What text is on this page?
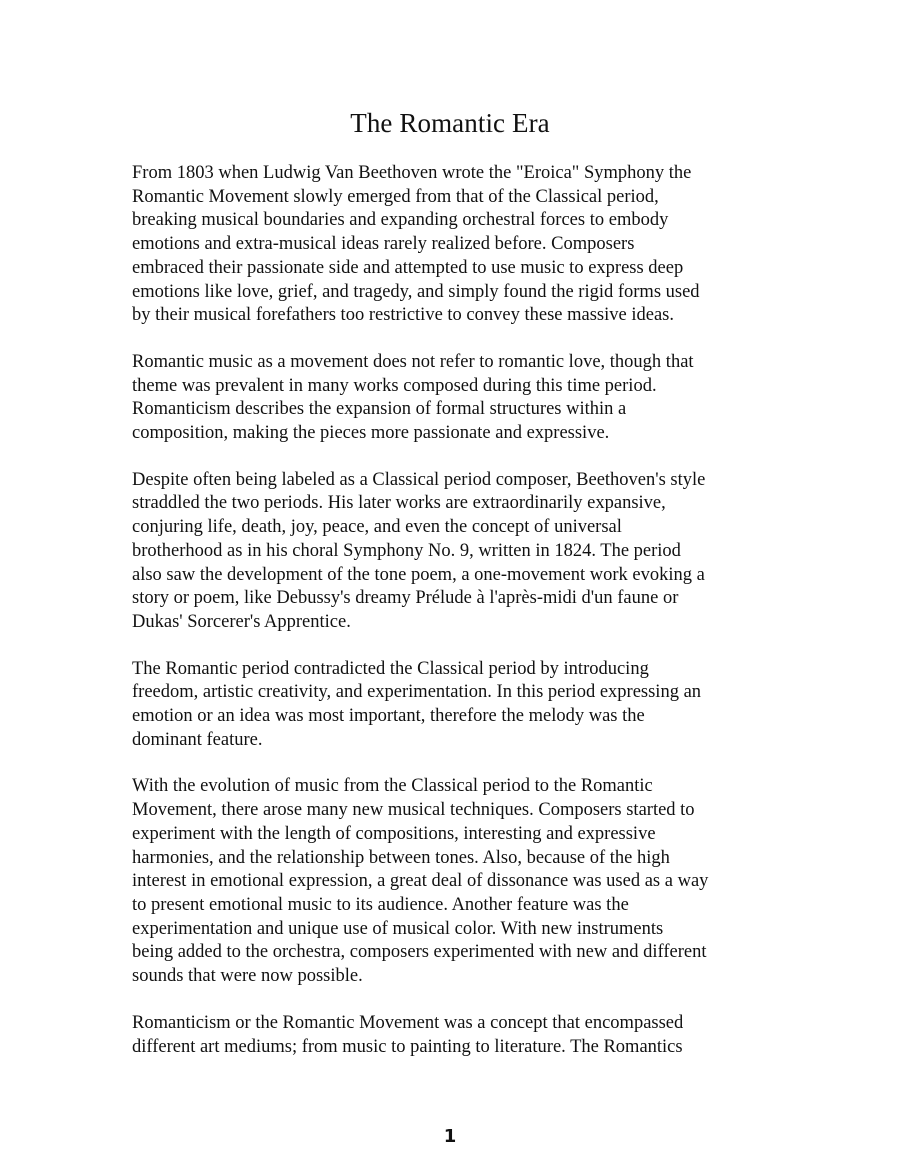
The Romantic Era

From 1803 when Ludwig Van Beethoven wrote the "Eroica" Symphony the
Romantic Movement slowly emerged from that of the Classical period,
breaking musical boundaries and expanding orchestral forces to embody
emotions and extra-musical ideas rarely realized before. Composers
embraced their passionate side and attempted to use music to express deep
emotions like love, grief, and tragedy, and simply found the rigid forms used
by their musical forefathers too restrictive to convey these massive ideas.

Romantic music as a movement does not refer to romantic love, though that
theme was prevalent in many works composed during this time period.
Romanticism describes the expansion of formal structures within a
composition, making the pieces more passionate and expressive.

Despite often being labeled as a Classical period composer, Beethoven's style
straddled the two periods. His later works are extraordinarily expansive,
conjuring life, death, joy, peace, and even the concept of universal
brotherhood as in his choral Symphony No. 9, written in 1824. The period
also saw the development of the tone poem, a one-movement work evoking a
story or poem, like Debussy's dreamy Prélude à l'après-midi d'un faune or
Dukas' Sorcerer's Apprentice.

The Romantic period contradicted the Classical period by introducing
freedom, artistic creativity, and experimentation. In this period expressing an
emotion or an idea was most important, therefore the melody was the
dominant feature.

With the evolution of music from the Classical period to the Romantic
Movement, there arose many new musical techniques. Composers started to
experiment with the length of compositions, interesting and expressive
harmonies, and the relationship between tones. Also, because of the high
interest in emotional expression, a great deal of dissonance was used as a way
to present emotional music to its audience. Another feature was the
experimentation and unique use of musical color. With new instruments
being added to the orchestra, composers experimented with new and different
sounds that were now possible.

Romanticism or the Romantic Movement was a concept that encompassed
different art mediums; from music to painting to literature. The Romantics

1
